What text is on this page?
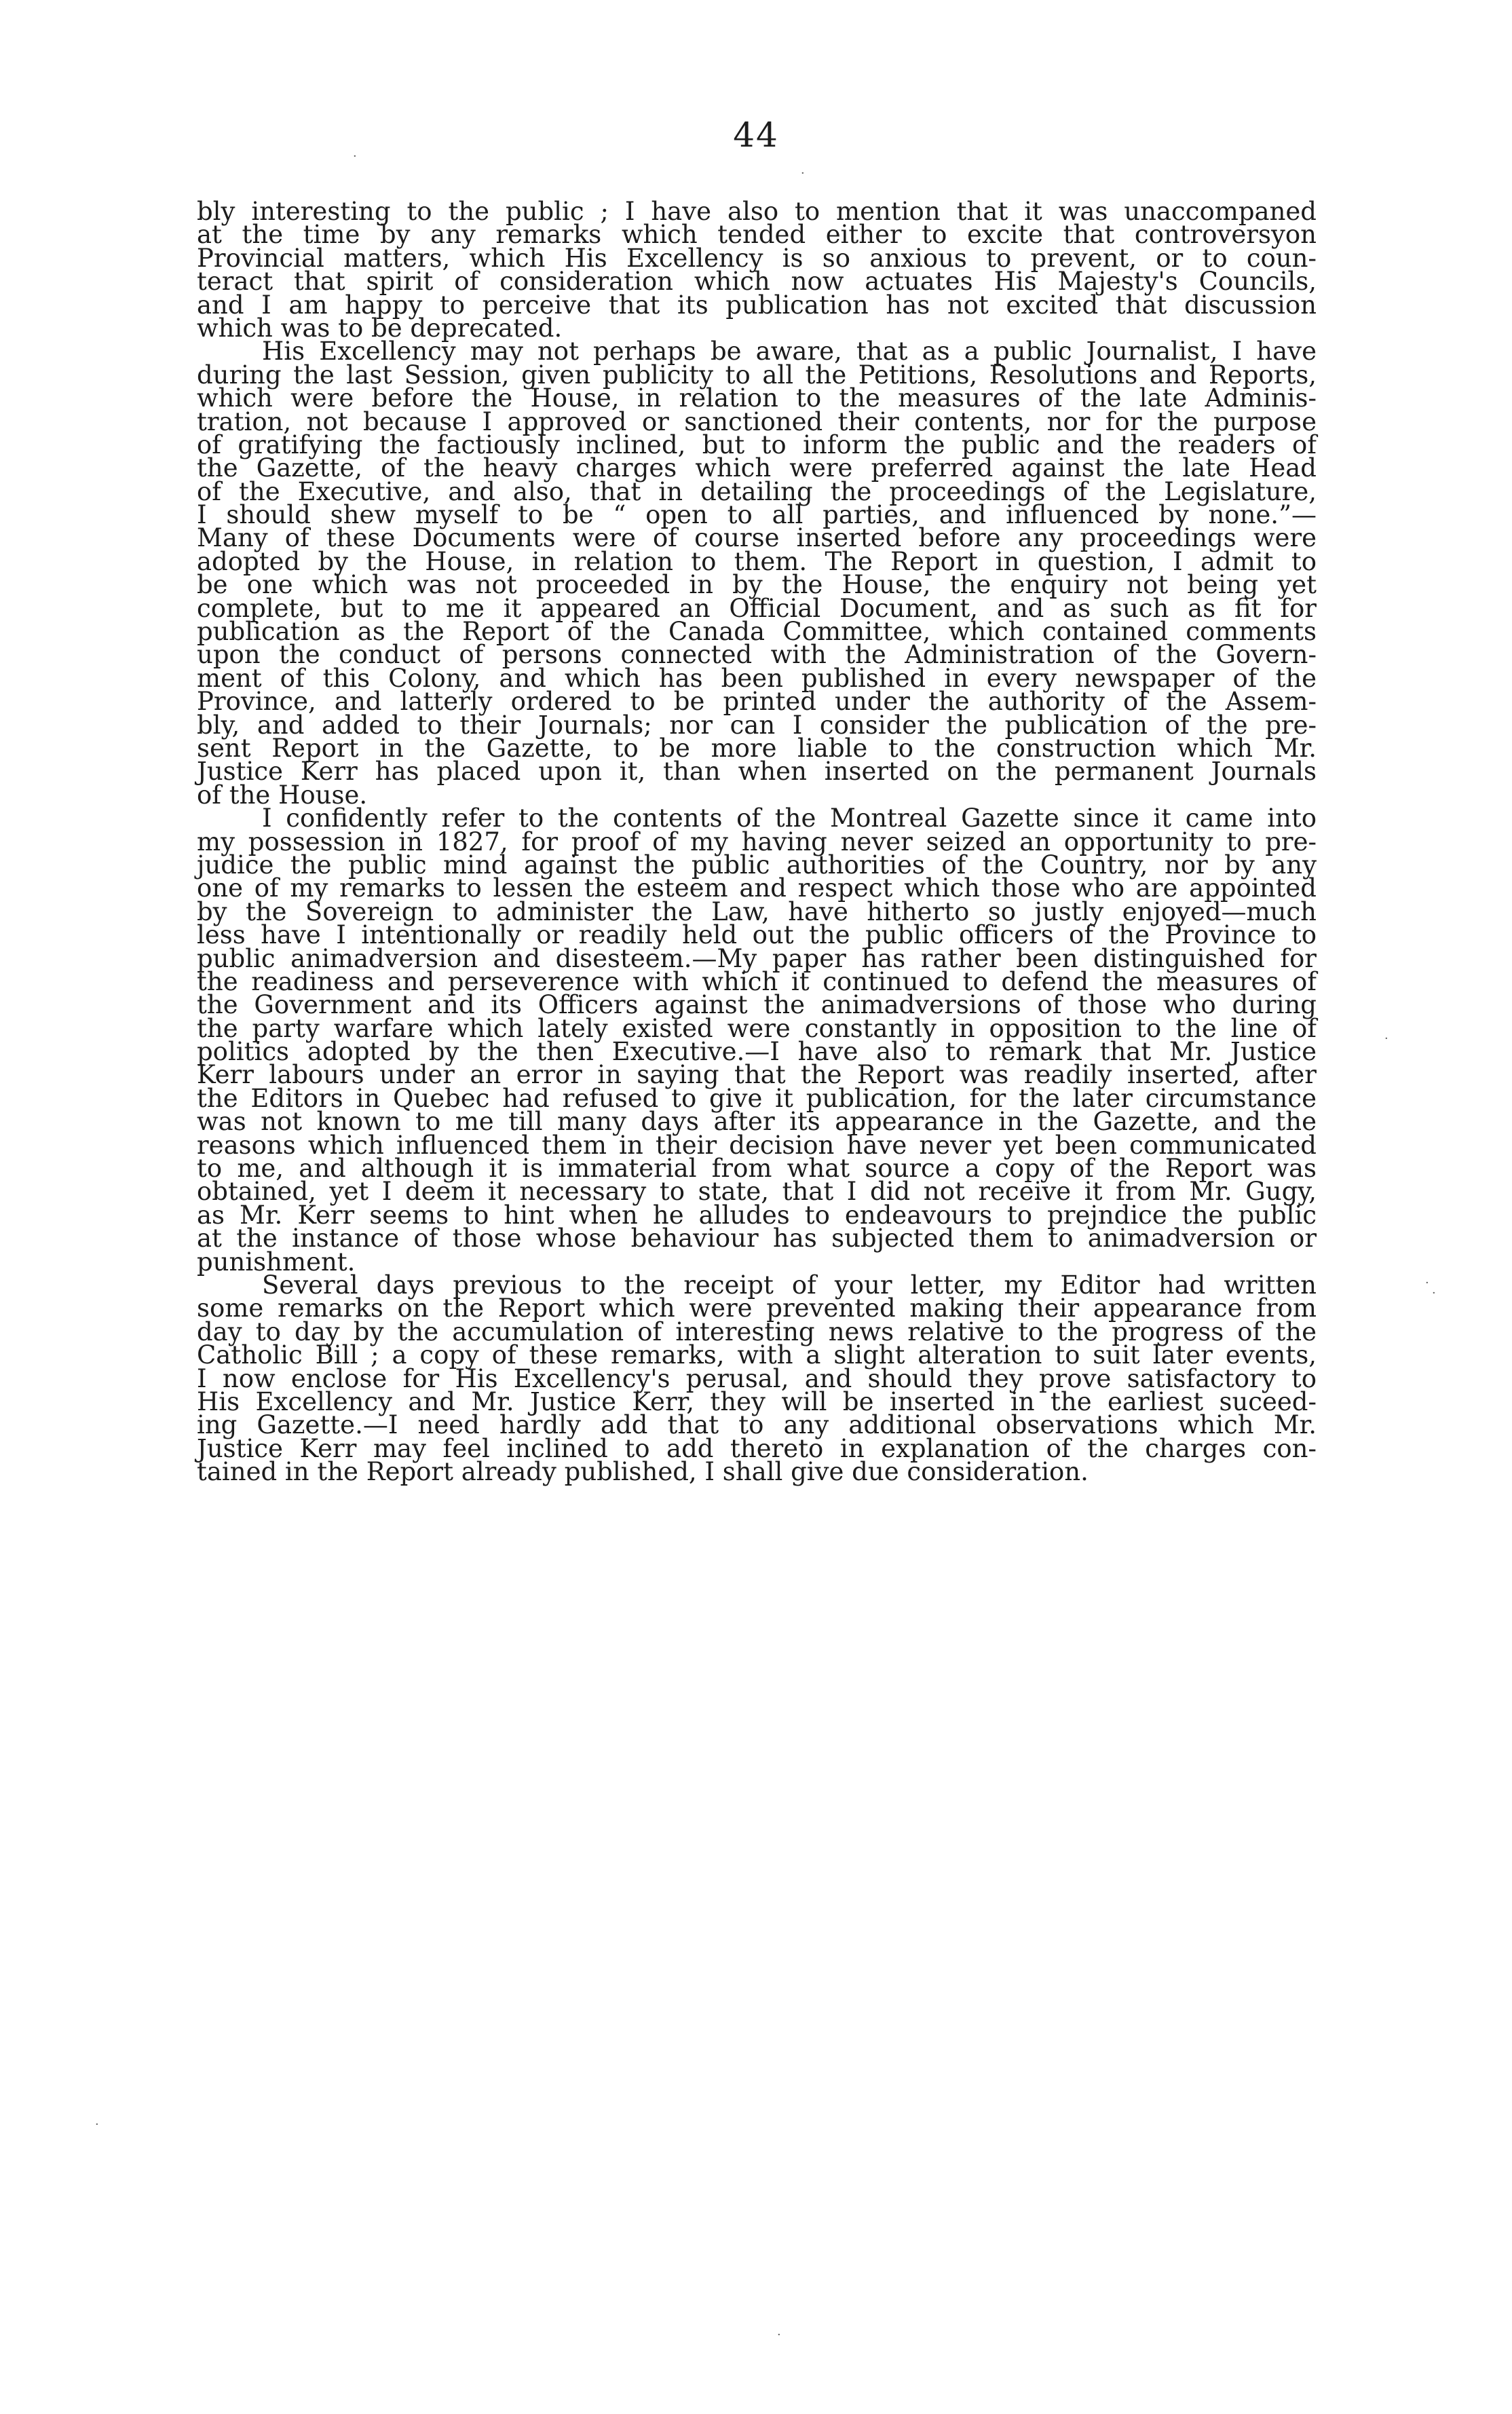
44
bly interesting to the public ; I have also to mention that it was unaccompaned
at the time by any remarks which tended either to excite that controversyon
Provincial matters, which His Excellency is so anxious to prevent, or to coun-
teract that spirit of consideration which now actuates His Majesty's Councils,
and I am happy to perceive that its publication has not excited that discussion
which was to be deprecated.
His Excellency may not perhaps be aware, that as a public Journalist, I have
during the last Session, given publicity to all the Petitions, Resolutions and Reports,
which were before the House, in relation to the measures of the late Adminis-
tration, not because I approved or sanctioned their contents, nor for the purpose
of gratifying the factiously inclined, but to inform the public and the readers of
the Gazette, of the heavy charges which were preferred against the late Head
of the Executive, and also, that in detailing the proceedings of the Legislature,
I should shew myself to be “ open to all parties, and influenced by none.”—
Many of these Documents were of course inserted before any proceedings were
adopted by the House, in relation to them. The Report in question, I admit to
be one which was not proceeded in by the House, the enquiry not being yet
complete, but to me it appeared an Official Document, and as such as fit for
publication as the Report of the Canada Committee, which contained comments
upon the conduct of persons connected with the Administration of the Govern-
ment of this Colony, and which has been published in every newspaper of the
Province, and latterly ordered to be printed under the authority of the Assem-
bly, and added to their Journals; nor can I consider the publication of the pre-
sent Report in the Gazette, to be more liable to the construction which Mr.
Justice Kerr has placed upon it, than when inserted on the permanent Journals
of the House.
I confidently refer to the contents of the Montreal Gazette since it came into
my possession in 1827, for proof of my having never seized an opportunity to pre-
judice the public mind against the public authorities of the Country, nor by any
one of my remarks to lessen the esteem and respect which those who are appointed
by the Sovereign to administer the Law, have hitherto so justly enjoyed—much
less have I intentionally or readily held out the public officers of the Province to
public animadversion and disesteem.—My paper has rather been distinguished for
the readiness and perseverence with which it continued to defend the measures of
the Government and its Officers against the animadversions of those who during
the party warfare which lately existed were constantly in opposition to the line of
politics adopted by the then Executive.—I have also to remark that Mr. Justice
Kerr labours under an error in saying that the Report was readily inserted, after
the Editors in Quebec had refused to give it publication, for the later circumstance
was not known to me till many days after its appearance in the Gazette, and the
reasons which influenced them in their decision have never yet been communicated
to me, and although it is immaterial from what source a copy of the Report was
obtained, yet I deem it necessary to state, that I did not receive it from Mr. Gugy,
as Mr. Kerr seems to hint when he alludes to endeavours to prejndice the public
at the instance of those whose behaviour has subjected them to animadversion or
punishment.
Several days previous to the receipt of your letter, my Editor had written
some remarks on the Report which were prevented making their appearance from
day to day by the accumulation of interesting news relative to the progress of the
Catholic Bill ; a copy of these remarks, with a slight alteration to suit later events,
I now enclose for His Excellency's perusal, and should they prove satisfactory to
His Excellency and Mr. Justice Kerr, they will be inserted in the earliest suceed-
ing Gazette.—I need hardly add that to any additional observations which Mr.
Justice Kerr may feel inclined to add thereto in explanation of the charges con-
tained in the Report already published, I shall give due consideration.
·
·
·
·
·
·
·
